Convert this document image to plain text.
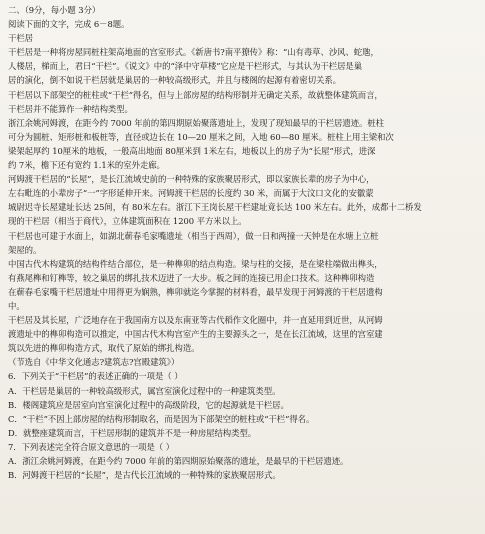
二、（9分，每小题 3分）
阅读下面的文字，完成 6－8题。
干栏居
干栏居是一种将房屋同桩柱架高地面的宫室形式。《新唐书?南平獠传》称：“山有毒草、沙风、蛇虺，
人楼居，梯而上，君曰“干栏”。《说文》中的“泽中守草楼”它应是干栏形式，与其认为干栏居是巢
居的演化，倒不如说干栏居就是巢居的一种较高级形式，并且与楼阁的起源有着密切关系。
干栏居以下部架空的桩柱或“干栏”得名，但与上部房屋的结构形制并无确定关系，故就整体建筑而言，
干栏居并不能算作一种结构类型。
浙江余姚河姆渡，在距今约 7000 年前的第四期原始聚落遗址上，发现了现知最早的干栏居遗迹。桩柱
可分为圆桩、矩形桩和板桩等，直径或边长在 10—20 厘米之间，入地 60—80 厘米。桩柱上用主梁和次
梁架起厚约 10厘米的地板，一般高出地面 80厘米到 1米左右，地板以上的房子为“长屋”形式，进深
约 7米，檐下还有宽约 1.1米的室外走廊。
河姆渡干栏居的“长屋”，是长江流域史前的一种特殊的家族聚居形式，即以家族长辈的房子为中心，
左右毗连的小辈房子“一”字形延伸开来。河姆渡干栏居的长度约 30 米，而属于大汶口文化的安徽蒙
城尉迟寺长屋建址长达 25间，有 80米左右。浙江下王岗长屋干栏建址竟长达 100 米左右。此外，成都十二桥发
现的干栏居（相当于商代），立体建筑面积在 1200 平方米以上。
干栏居也可建于水面上，如湖北蕲春毛家嘴遗址（相当于西周），做一日和两撞一天钟是在水塘上立桩
架屋的。
中国古代木构建筑的结构件结合部位，是一种榫卯的结点构造。梁与柱的交接，是在梁柱端做出榫头，
有燕尾榫和钉榫等，较之巢居的绑扎技术迈进了一大步。板之间的连接已用企口技术。这种榫卯构造
在蕲春毛家嘴干栏居遗址中用得更为娴熟，榫卯就迄今掌握的材料看，最早发现于河姆渡的干栏居遗构
中。
干栏居及其长屋，广泛地存在于我国南方以及东南亚等古代稻作文化圈中，并一直延用到近世，从河姆
渡遗址中的榫卯构造可以推定，中国古代木构宫室产生的主要源头之一，是在长江流域，这里的宫室建
筑以先进的榫卯构造方式，取代了原始的绑扎构造。
（节选自《中华文化通志?建筑志?宫殿建筑》）
6．下列关于“干栏居”的表述正确的一项是（ ）
A．干栏居是巢居的一种较高级形式，属宫室演化过程中的一种建筑类型。
B．楼阁建筑应是居室向宫室演化过程中的高级阶段，它的起源就是干栏居。
C．“干栏”不因上部房屋的结构形制取名，而是因为下部架空的桩柱或“干栏”得名。
D．就整座建筑而言，干栏居形制的建筑并不是一种房屋结构类型。
7．下列表述完全符合原文意思的一项是（ ）
A．浙江余姚河姆渡，在距今约 7000 年前的第四期原始聚落的遗址，是最早的干栏居遗迹。
B．河姆渡干栏居的“长屋”，是古代长江流域的一种特殊的家族聚居形式。
